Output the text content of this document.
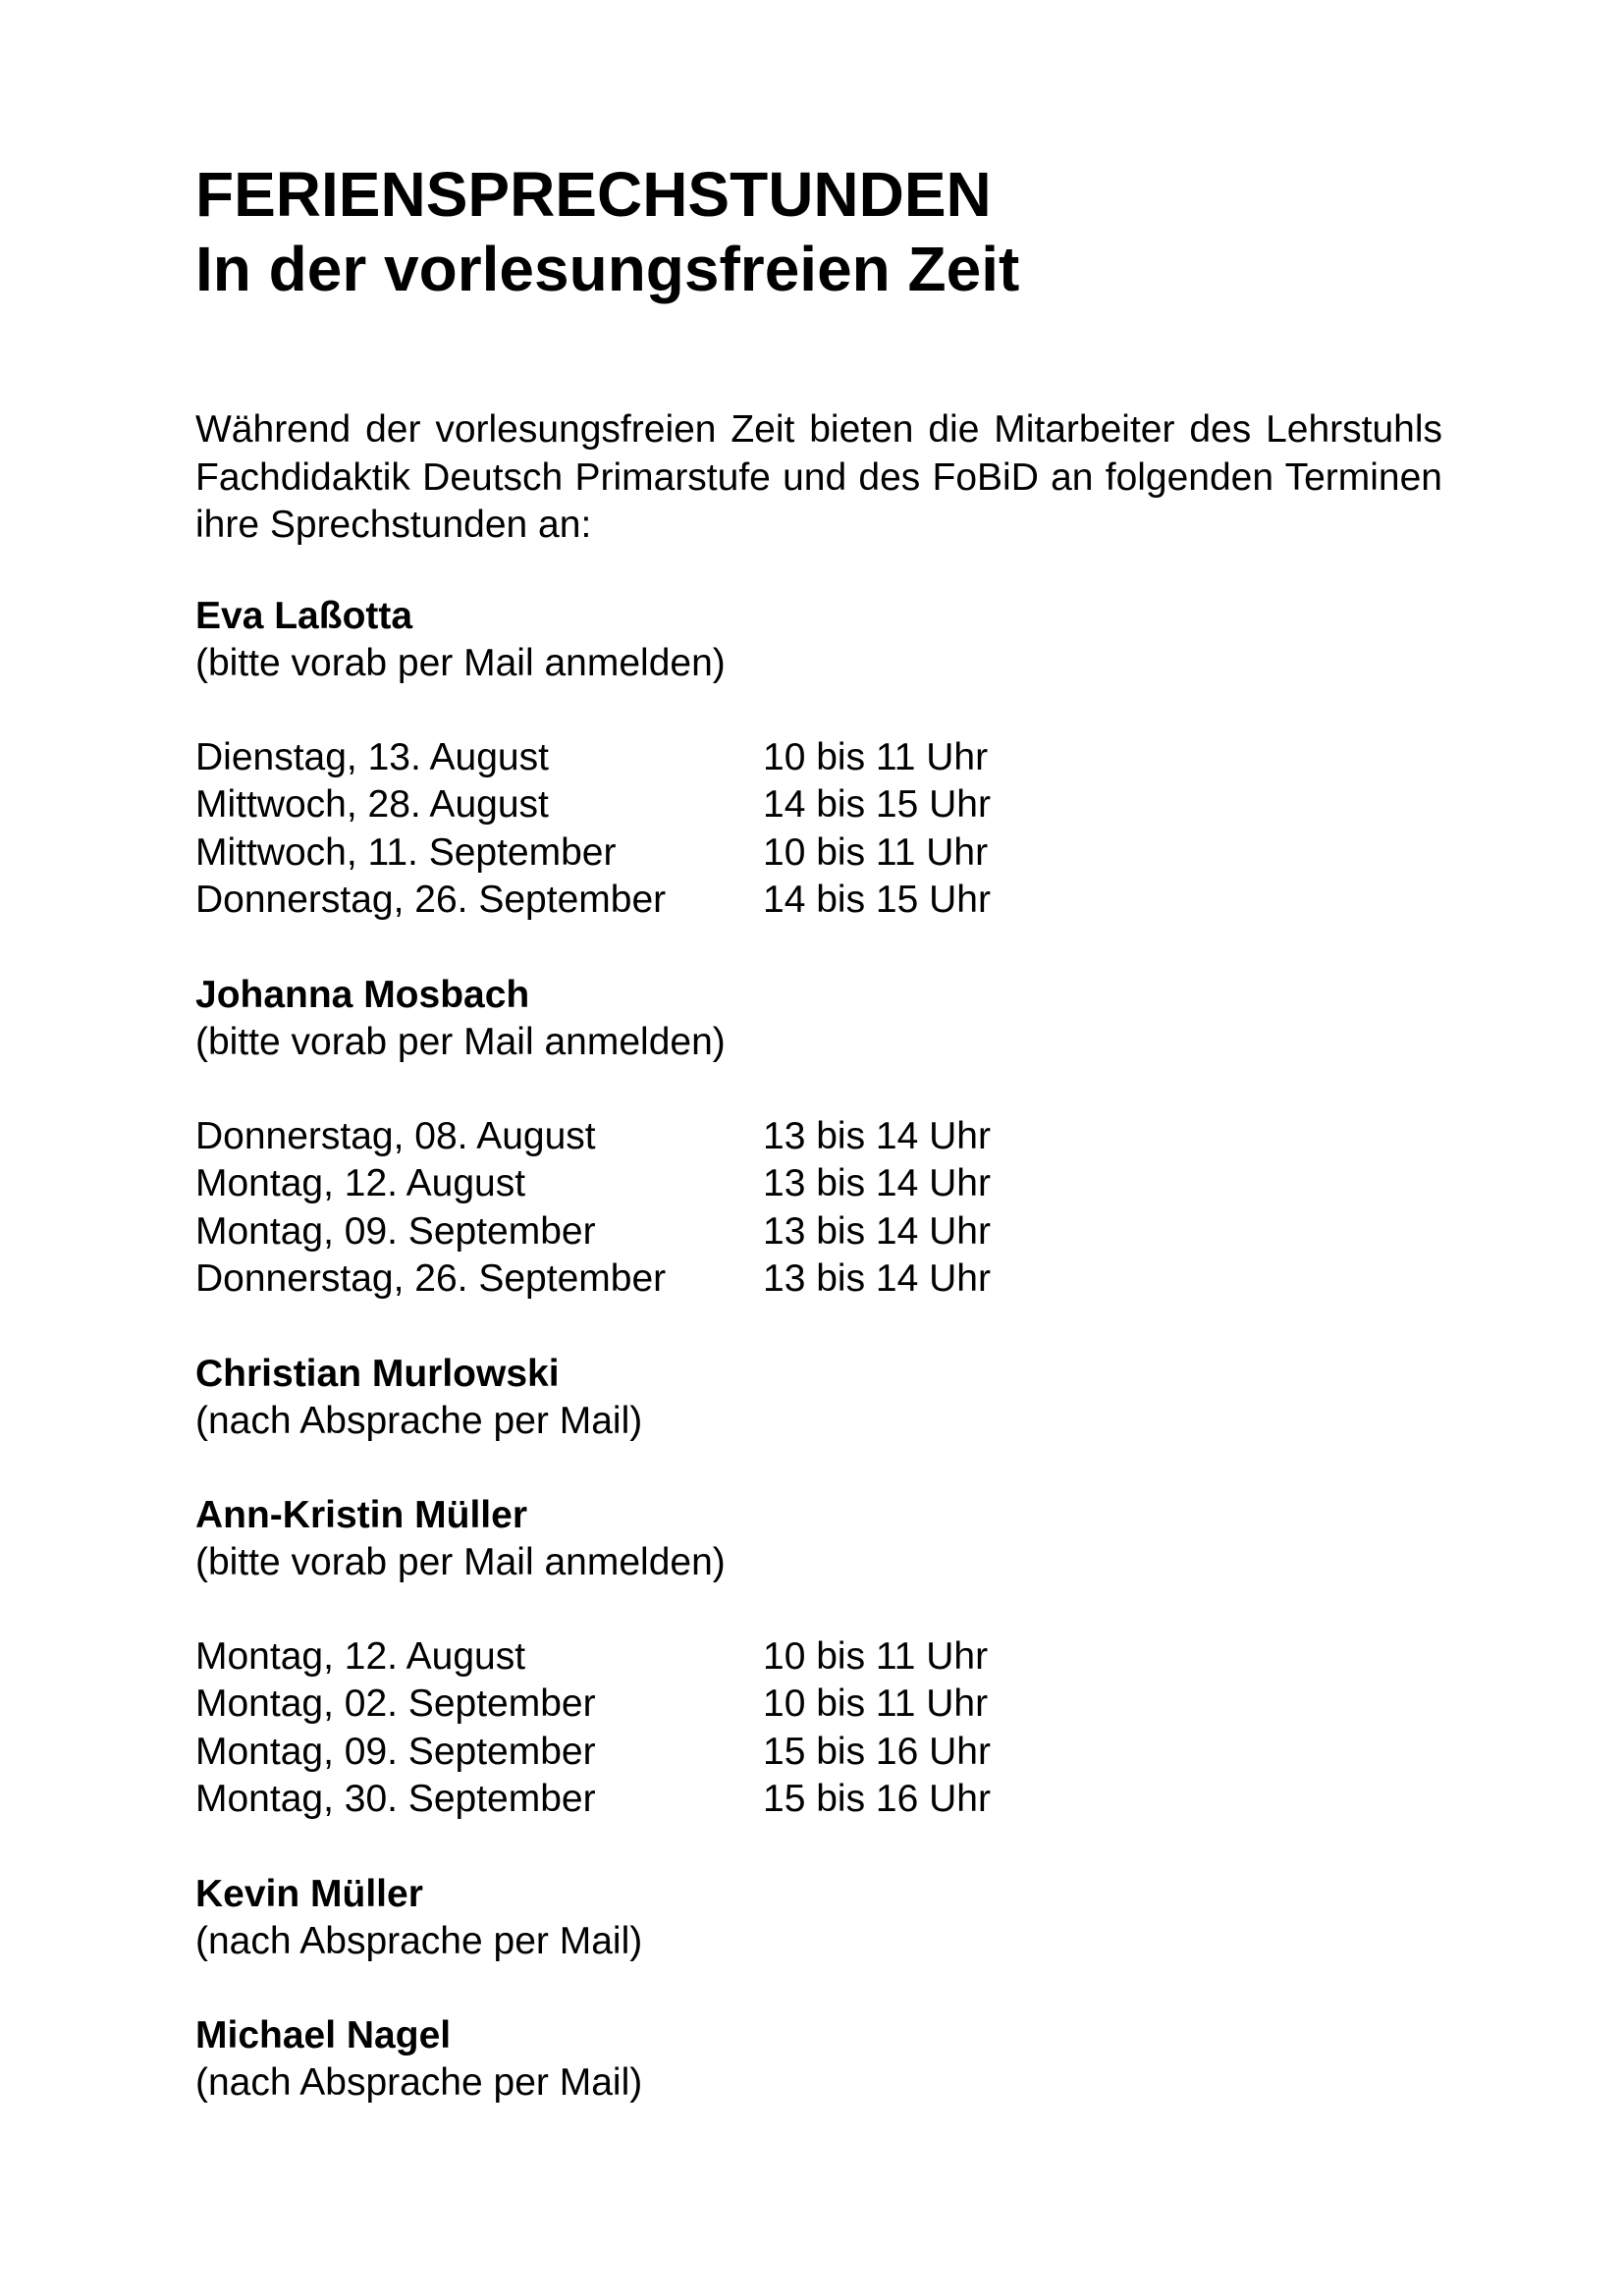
FERIENSPRECHSTUNDEN
In der vorlesungsfreien Zeit

Während der vorlesungsfreien Zeit bieten die Mitarbeiter des Lehrstuhls Fachdidaktik Deutsch Primarstufe und des FoBiD an folgenden Terminen ihre Sprechstunden an:

Eva Laßotta
(bitte vorab per Mail anmelden)
Dienstag, 13. August	10 bis 11 Uhr
Mittwoch, 28. August	14 bis 15 Uhr
Mittwoch, 11. September	10 bis 11 Uhr
Donnerstag, 26. September	14 bis 15 Uhr
Johanna Mosbach
(bitte vorab per Mail anmelden)
Donnerstag, 08. August	13 bis 14 Uhr
Montag, 12. August	13 bis 14 Uhr
Montag, 09. September	13 bis 14 Uhr
Donnerstag, 26. September	13 bis 14 Uhr
Christian Murlowski
(nach Absprache per Mail)
Ann-Kristin Müller
(bitte vorab per Mail anmelden)
Montag, 12. August	10 bis 11 Uhr
Montag, 02. September	10 bis 11 Uhr
Montag, 09. September	15 bis 16 Uhr
Montag, 30. September	15 bis 16 Uhr
Kevin Müller
(nach Absprache per Mail)
Michael Nagel
(nach Absprache per Mail)
